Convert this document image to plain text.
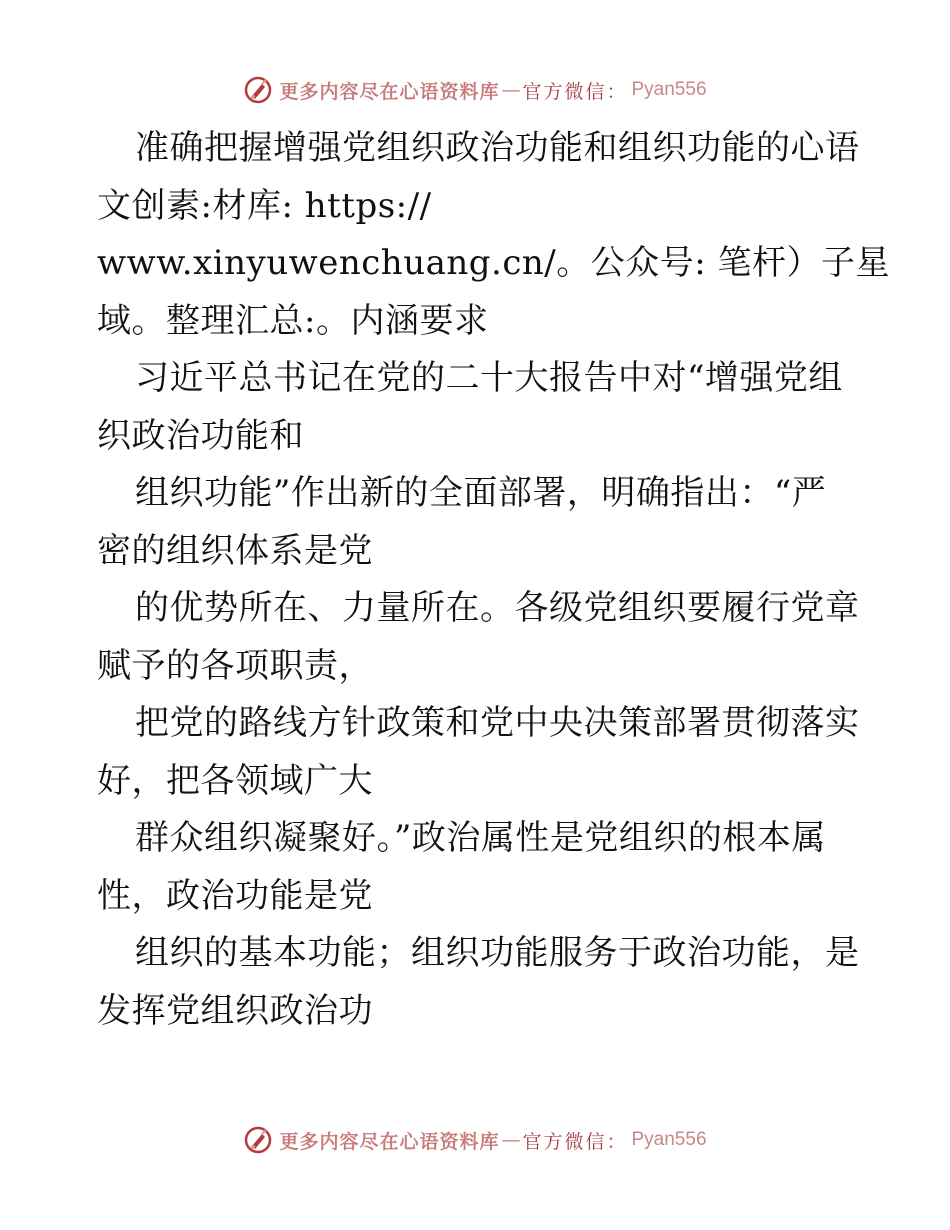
更多内容尽在心语资料库 — 官方微信： Pyan556
准确把握增强党组织政治功能和组织功能的心语
文创素:材库: https://
www.xinyuwenchuang.cn/。公众号: 笔杆）子星
域。整理汇总:。内涵要求
习近平总书记在党的二十大报告中对“增强党组
织政治功能和
组织功能”作出新的全面部署，明确指出：“严
密的组织体系是党
的优势所在、力量所在。各级党组织要履行党章
赋予的各项职责，
把党的路线方针政策和党中央决策部署贯彻落实
好，把各领域广大
群众组织凝聚好。”政治属性是党组织的根本属
性，政治功能是党
组织的基本功能；组织功能服务于政治功能，是
发挥党组织政治功
更多内容尽在心语资料库 — 官方微信： Pyan556
